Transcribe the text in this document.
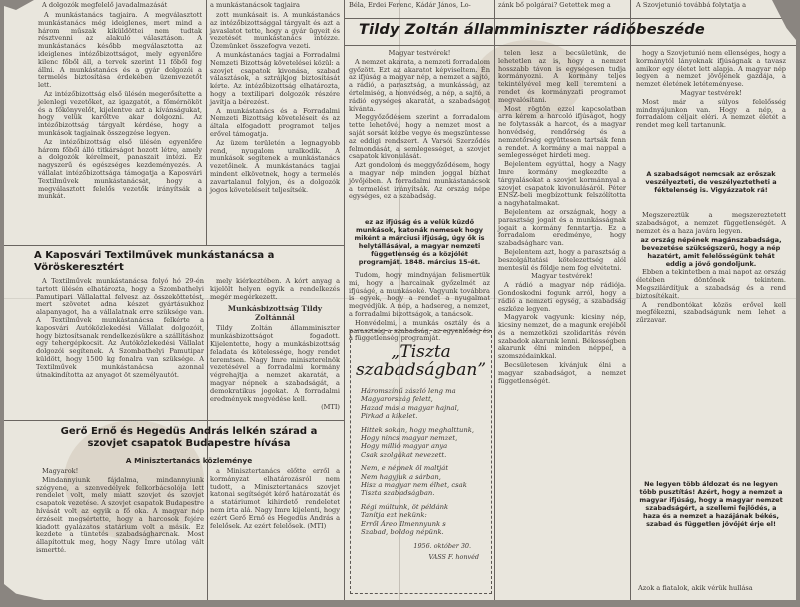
A dolgozók megfelelő javadalmazását	a munkástanácsok tagjaira	Béla, Erdei Ferenc, Kádár János, Lo-	zánk bő polgárai? Getettek meg a	A Szovjetunió továbbá folytatja a
Tildy Zoltán államminiszter rádióbeszéde

A munkástanács tagjaira. A megválasztott munkástanács még ideiglenes, mert mind a három műszak kiküldöttei nem tudtak résztvenni az alakuló választáson. A munkástanács később megválasztotta az ideiglenes intézőbizottságot, mely egyenlőre kilenc főből áll, a tervek szerint 11 főből fog állni. A munkástanács és a gyár dolgozói a termelés biztosítása érdekében üzemvezetőt lett.

Az intézőbizottság első ülésén megerősítette a jelenlegi vezetőket, az igazgatót, a főmérnököt és a főkönyvelőt, kijelentve azt a kívánságukat, hogy velük karöltve akar dolgozni. Az intézőbizottság tárgyalt kérdése, hogy a munkások tagjainak összegzése legyen.

Az intézőbizottság első ülésén egyenlőre három főből álló titkárságot hozott létre, amely a dolgozók kérelmeit, panaszait intézi. Ez nagyszerű és egészséges kezdeményezés. A vállalat intézőbizottsága támogatja a Kaposvári Textilművek munkástanácsát, hogy a megválasztott felelős vezetők irányítsák a munkát.

zott munkásait is. A munkástanács az intézőbizottsággal tárgyalt és azt a javaslatot tette, hogy a gyár ügyeit és vezetését munkástanács intézze. Üzemünket összefogva vezeti.

A munkástanács tagjai a Forradalmi Nemzeti Bizottság követelései közül: a szovjet csapatok kivonása, szabad választások, a sztrájkjog biztosítását kérte. Az intézőbizottság elhatározta, hogy a textilipari dolgozók részére javítja a bérezést.

A munkástanács és a Forradalmi Nemzeti Bizottság követeléseit és az általa elfogadott programot teljes erővel támogatja.

Az üzem területén a legnagyobb rend, nyugalom uralkodik. A munkások segítenek a munkástanács vezetőinek. A munkástanács tagjai mindent elkövetnek, hogy a termelés zavartalanul folyjon, és a dolgozók jogos követeléseit teljesítsék.

A Kaposvári Textilművek munkástanácsa a Vöröskeresztért

A Textilművek munkástanácsa folyó hó 29-én tartott ülésén elhatározta, hogy a Szombathelyi Pamutipari Vállalattal felvesz az összeköttetést, mert szövetet adna készet gyártásukhoz alapanyagot, ha a vállalatnak erre szüksége van. A Textilművek munkástanácsa felkérte a kaposvári Autóközlekedési Vállalat dolgozóit, hogy biztosítsanak rendelkezésükre a szállításhoz egy tehergépkocsit. Az Autóközlekedési Vállalat dolgozói segítenek. A Szombathelyi Pamutipar küldött, hogy 1500 kg fonalra van szüksége. A Textilművek munkástanácsa azonnal útnakindította az anyagot öt személyautót.

mely kiérkeztében. A kórt anyag a kijelölt helyen egyik a rendelkezés megér megérkezett.

Munkásbizottság Tildy Zoltánnál

Tildy Zoltán államminiszter munkásbizottságot fogadott. Kijelentette, hogy a munkásbizottság feladata és kötelessége, hogy rendet teremtsen. Nagy Imre miniszterelnök vezetésével a forradalmi kormány végrehajtja a nemzet akaratát, a magyar népnek a szabadságát, a demokratikus jogokat. A forradalmi eredmények megvédése kell.

(MTI)
Gerő Ernő és Hegedüs András lelkén szárad a szovjet csapatok Budapestre hívása
A Minisztertanács közleménye

Magyarok!

Mindannyiunk fájdalma, mindannyiunk szégyene, a szenvedélyek felkorbácsolója lett rendelet volt, mely miatt szovjet és szovjet csapatok vezetése. A szovjet csapatok Budapestre hívását volt az egyik a fő oka. A magyar nép érzéseit megsértette, hogy a harcosok fejére kiadott gyalázatos statárium volt a másik. Ez kezdete a tüntetés szabadságharcnak. Most állapítottuk meg, hogy Nagy Imre utólag vált ismertté.

a Minisztertanács előtte erről a kormányzat elhatározásról nem tudott, a Minisztertanács szovjet katonai segítségét kérő határozatát és a statáriumot kihirdető rendeletet nem írta alá. Nagy Imre kijelenti, hogy ezért Gerő Ernő és Hegedüs András a felelősek. Az ezért felelősek. (MTI)

Magyar testvérek!

A nemzet akarata, a nemzeti forradalom győzött. Ezt az akaratot képviseltem. Én az ifjúság a magyar nép, a nemzet a sajtó, a rádió, a parasztság, a munkásság, az értelmiség, a honvédség, a nép, a sajtó, a rádió egységes akaratát, a szabadságot kívánta.

Meggyőződésem szerint a forradalom tette lehetővé, hogy a nemzet most a saját sorsát kézbe vegye és megszüntesse az eddigi rendszert. A Varsói Szerződés felmondását, a semlegességet, a szovjet csapatok kivonulását.

Azt gondolom és meggyőződésem, hogy a magyar nép minden joggal bízhat jövőjében. A forradalmi munkástanácsok a termelést irányítsák. Az ország népe egységes, ez a szabadság.

ez az ifjúság és a velük küzdő munkások, katonák nemesek hogy miként a márciusi ifjúság, úgy ők is helytállásával, a magyar nemzeti függetlenség és a közjólét programját. 1848. március 15-ét.

Tudom, hogy mindnyájan felismertük mi, hogy a harcainak győzelmét az ifjúságé, a munkásoké. Vagyunk továbbra is egyek, hogy a rendet a nyugalmat megvédjük. A nép, a hadsereg, a nemzet, a forradalmi bizottságok, a tanácsok.

Honvédelmi, a munkás osztály és a parasztság a szabadság, az egyenlőség és a függetlenség programját.

„Tiszta szabadságban”
Háromszínű zászló leng ma
Magyarország felett,
Hazad más a magyar hajnal,
Pirkad a kikelet.
Hittek sokan, hogy meghalttunk,
Hogy nincs magyar nemzet,
Hogy millió magyar anya
Csak szolgákat nevezett.
Nem, e népnek öl maltját
Nem hagyjuk a sárban,
Hisz a magyar nem élhet, csak
Tiszta szabadságban.
Régi múltunk, öt példánk
Tanítja ezt nekünk:
Erről Áreo Ilmennyunk s
Szabad, boldog népünk.
1956. október 30.
VASS F. honvéd

telen lesz a becsületünk, de lehetetlen az is, hogy a nemzet hosszabb távon is egységesen tudja kormányozni. A kormány teljes tekintélyével meg kell teremteni a rendet és kormányzati programot megvalósítani.

Most rögtön ezzel kapcsolatban arra kérem a harcoló ifjúságot, hogy ne folytassák a harcot, és a magyar honvédség, rendőrség és a nemzetőrség együttesen tartsák fenn a rendet. A kormány a mai nappal a semlegességet hirdeti meg.

Bejelentem egyúttal, hogy a Nagy Imre kormány megkezdte a tárgyalásokat a szovjet kormánnyal a szovjet csapatok kivonulásáról. Péter ENSZ-beli megbízottunk felszólította a nagyhatalmakat.

Bejelentem az országnak, hogy a parasztság jogait és a munkásságnak jogait a kormány fenntartja. Ez a forradalom eredménye, hogy szabadságharc van.

Bejelentem azt, hogy a parasztság a beszolgáltatási kötelezettség alól mentesül és földje nem fog elvétetni.

Magyar testvérek!

A rádió a magyar nép rádiója. Gondoskodni fogunk arról, hogy a rádió a nemzeti egység, a szabadság eszköze legyen.

Magyarok vagyunk: kicsiny nép, kicsiny nemzet, de a magunk erejéből és a nemzetközi szolidaritás révén szabadok akarunk lenni. Békességben akarunk élni minden néppel, a szomszédainkkal.

Becsületesen kívánjuk élni a magyar szabadságot, a nemzet függetlenségét.

hogy a Szovjetunió nem ellenséges, hogy a kormánytól lányoknak ifjúságnak a tavasz amikor egy életet lett alapja. A magyar nép legyen a nemzet jövőjének gazdája, a nemzet életének letéteményese.

Magyar testvérek!

Most már a súlyos felelősség mindnyájunkon van. Hogy a nép, a forradalom céljait eléri. A nemzet életét a rendet meg kell tartanunk.

A szabadságot nemcsak az erőszak veszélyezteti, de veszélyeztetheti a féktelenség is. Vigyázzatok rá!

Megszereztük a megszereztetett szabadságot, a nemzet függetlenségét. A nemzet és a haza javára legyen.

az ország népének magánszabadsága, bevezetése szükségszerű, hogy a nép hazatért, amit felelősségünk tehát eddig a jövő gondoljunk.

Ebben a tekintetben a mai napot az ország életében döntőnek tekintem. Megszilárdítjuk a szabadság és a rend biztosítékait.

A rendbontókat közös erővel kell megfékezni, szabadságunk nem lehet a zűrzavar.

Ne legyen több áldozat és ne legyen több pusztítás! Azért, hogy a nemzet a magyar ifjúság, hogy a magyar nemzet szabadságért, a szellemi fejlődés, a haza és a nemzet a hazájának békés, szabad és független jövőjét érje el!
Azok a fiatalok, akik vérük hullása
